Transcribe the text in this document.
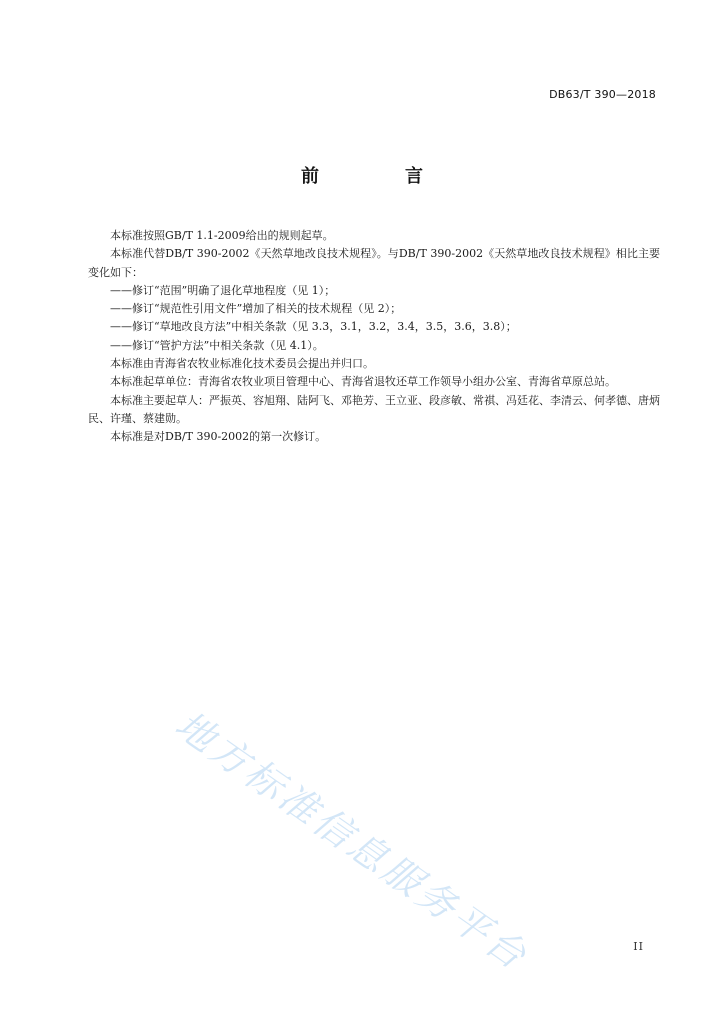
DB63/T 390—2018
前　言

本标准按照GB/T 1.1-2009给出的规则起草。

本标准代替DB/T 390-2002《天然草地改良技术规程》。与DB/T 390-2002《天然草地改良技术规程》相比主要变化如下：

——修订“范围”明确了退化草地程度（见 1）；

——修订“规范性引用文件”增加了相关的技术规程（见 2）；

——修订“草地改良方法”中相关条款（见 3.3，3.1，3.2，3.4，3.5，3.6，3.8）；

——修订“管护方法”中相关条款（见 4.1）。

本标准由青海省农牧业标准化技术委员会提出并归口。

本标准起草单位：青海省农牧业项目管理中心、青海省退牧还草工作领导小组办公室、青海省草原总站。

本标准主要起草人：严振英、容旭翔、陆阿飞、邓艳芳、王立亚、段彦敏、常祺、冯廷花、李清云、何孝德、唐炳民、许瑾、蔡建勋。

本标准是对DB/T 390-2002的第一次修订。

地方标准信息服务平台	II
